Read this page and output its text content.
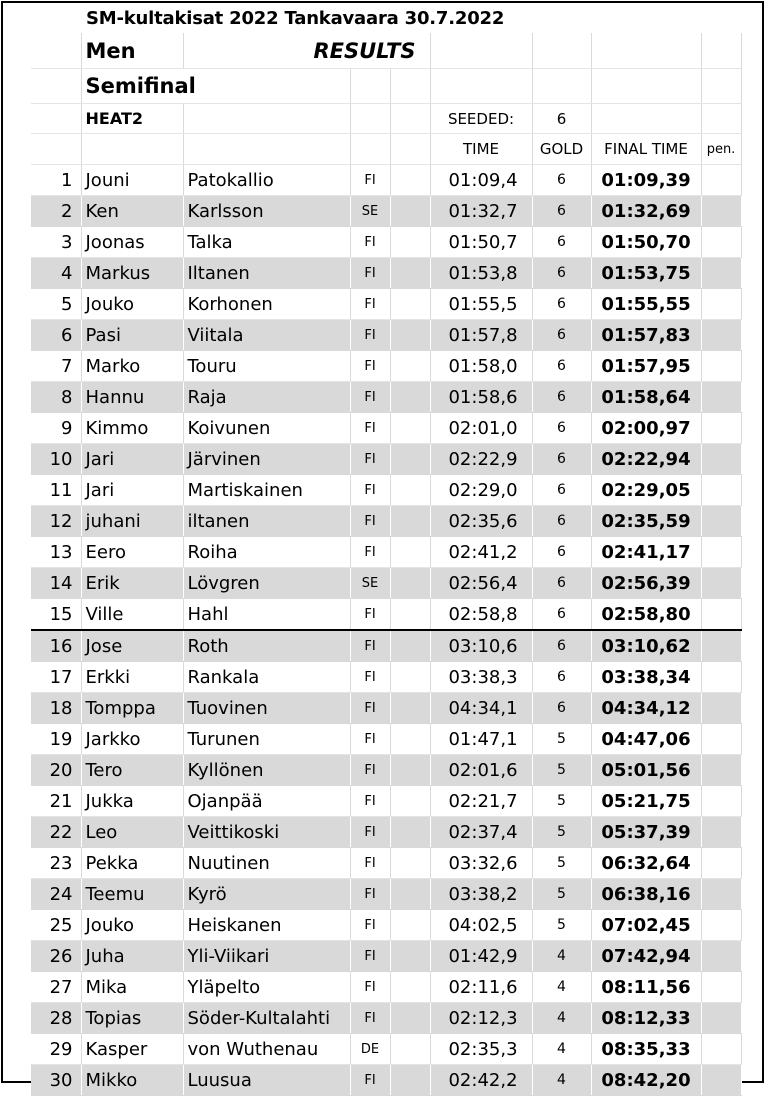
SM-kultakisat 2022 Tankavaara 30.7.2022
	Men	RESULTS						
	Semifinal							
	HEAT2				SEEDED:	6		
					TIME	GOLD	FINAL TIME	pen.
1	Jouni	Patokallio	FI		01:09,4	6	01:09,39	
2	Ken	Karlsson	SE		01:32,7	6	01:32,69	
3	Joonas	Talka	FI		01:50,7	6	01:50,70	
4	Markus	Iltanen	FI		01:53,8	6	01:53,75	
5	Jouko	Korhonen	FI		01:55,5	6	01:55,55	
6	Pasi	Viitala	FI		01:57,8	6	01:57,83	
7	Marko	Touru	FI		01:58,0	6	01:57,95	
8	Hannu	Raja	FI		01:58,6	6	01:58,64	
9	Kimmo	Koivunen	FI		02:01,0	6	02:00,97	
10	Jari	Järvinen	FI		02:22,9	6	02:22,94	
11	Jari	Martiskainen	FI		02:29,0	6	02:29,05	
12	juhani	iltanen	FI		02:35,6	6	02:35,59	
13	Eero	Roiha	FI		02:41,2	6	02:41,17	
14	Erik	Lövgren	SE		02:56,4	6	02:56,39	
15	Ville	Hahl	FI		02:58,8	6	02:58,80	
16	Jose	Roth	FI		03:10,6	6	03:10,62	
17	Erkki	Rankala	FI		03:38,3	6	03:38,34	
18	Tomppa	Tuovinen	FI		04:34,1	6	04:34,12	
19	Jarkko	Turunen	FI		01:47,1	5	04:47,06	
20	Tero	Kyllönen	FI		02:01,6	5	05:01,56	
21	Jukka	Ojanpää	FI		02:21,7	5	05:21,75	
22	Leo	Veittikoski	FI		02:37,4	5	05:37,39	
23	Pekka	Nuutinen	FI		03:32,6	5	06:32,64	
24	Teemu	Kyrö	FI		03:38,2	5	06:38,16	
25	Jouko	Heiskanen	FI		04:02,5	5	07:02,45	
26	Juha	Yli-Viikari	FI		01:42,9	4	07:42,94	
27	Mika	Yläpelto	FI		02:11,6	4	08:11,56	
28	Topias	Söder-Kultalahti	FI		02:12,3	4	08:12,33	
29	Kasper	von Wuthenau	DE		02:35,3	4	08:35,33	
30	Mikko	Luusua	FI		02:42,2	4	08:42,20	
